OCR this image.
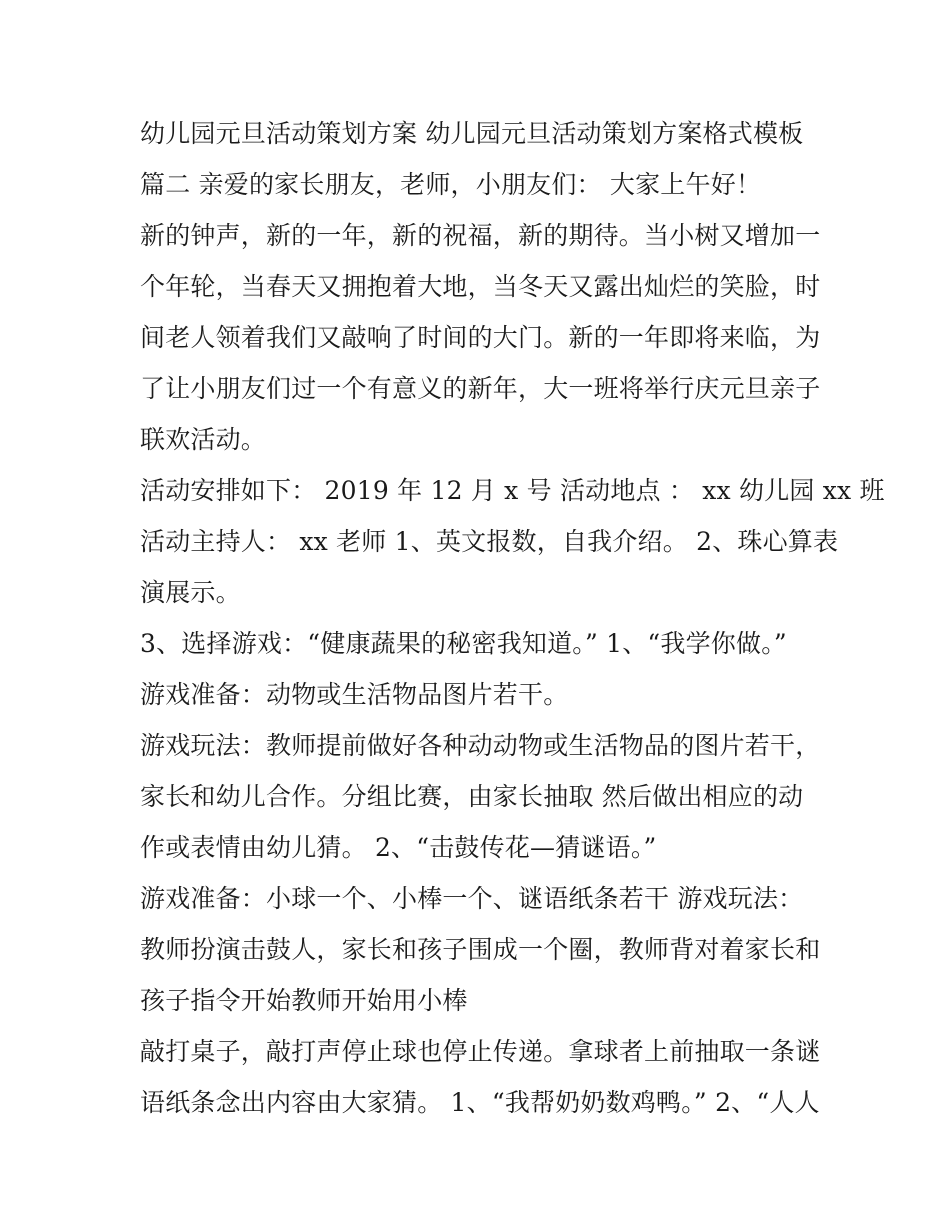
幼儿园元旦活动策划方案 幼儿园元旦活动策划方案格式模板
篇二 亲爱的家长朋友，老师，小朋友们： 大家上午好！
新的钟声，新的一年，新的祝福，新的期待。当小树又增加一
个年轮，当春天又拥抱着大地，当冬天又露出灿烂的笑脸，时
间老人领着我们又敲响了时间的大门。新的一年即将来临，为
了让小朋友们过一个有意义的新年，大一班将举行庆元旦亲子
联欢活动。
活动安排如下： 2019 年 12 月 x 号 活动地点 ： xx 幼儿园 xx 班
活动主持人： xx 老师 1、英文报数，自我介绍。 2、珠心算表
演展示。
3、选择游戏：“健康蔬果的秘密我知道。” 1、“我学你做。”
游戏准备：动物或生活物品图片若干。
游戏玩法：教师提前做好各种动动物或生活物品的图片若干，
家长和幼儿合作。分组比赛，由家长抽取 然后做出相应的动
作或表情由幼儿猜。 2、“击鼓传花—猜谜语。”
游戏准备：小球一个、小棒一个、谜语纸条若干 游戏玩法：
教师扮演击鼓人，家长和孩子围成一个圈，教师背对着家长和
孩子指令开始教师开始用小棒
敲打桌子，敲打声停止球也停止传递。拿球者上前抽取一条谜
语纸条念出内容由大家猜。 1、“我帮奶奶数鸡鸭。” 2、“人人
